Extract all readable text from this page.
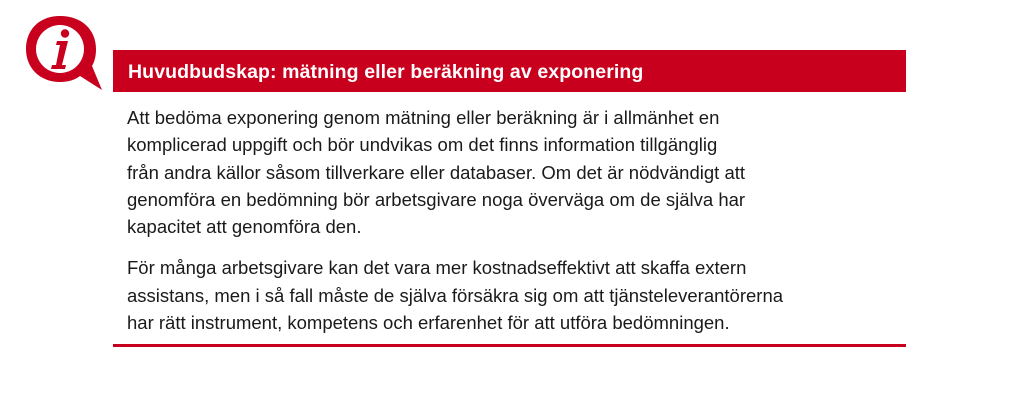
Huvudbudskap: mätning eller beräkning av exponering

Att bedöma exponering genom mätning eller beräkning är i allmänhet en
komplicerad uppgift och bör undvikas om det finns information tillgänglig
från andra källor såsom tillverkare eller databaser. Om det är nödvändigt att
genomföra en bedömning bör arbetsgivare noga överväga om de själva har
kapacitet att genomföra den.

För många arbetsgivare kan det vara mer kostnadseffektivt att skaffa extern
assistans, men i så fall måste de själva försäkra sig om att tjänsteleverantörerna
har rätt instrument, kompetens och erfarenhet för att utföra bedömningen.
